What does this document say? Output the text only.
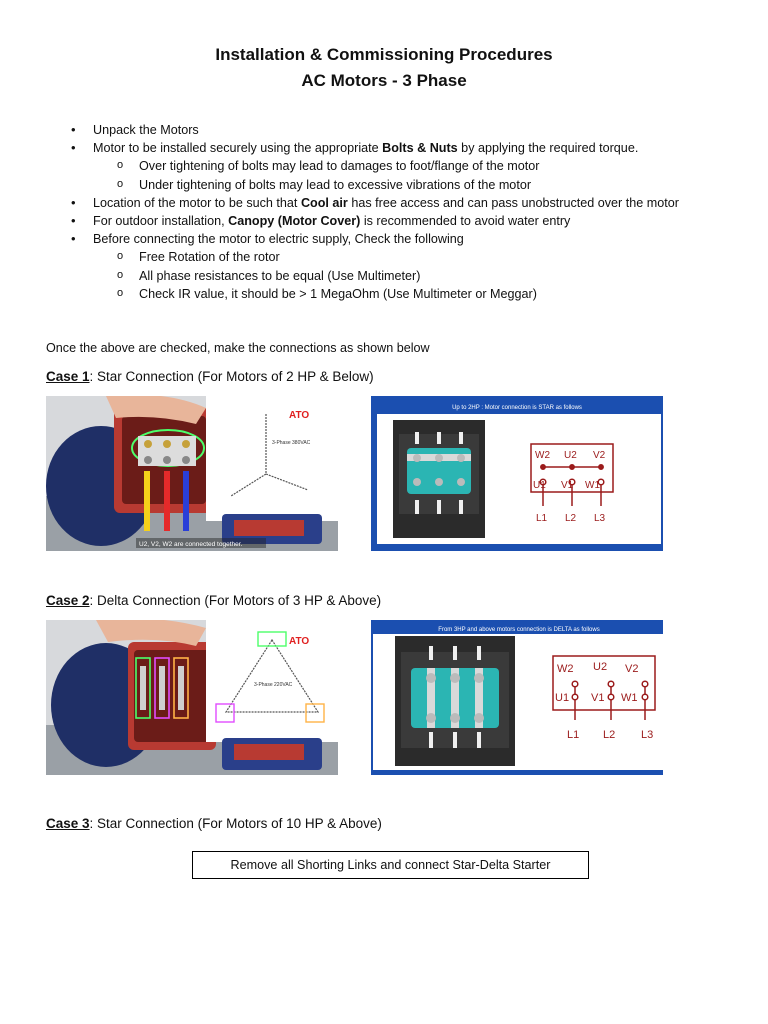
Installation & Commissioning Procedures
AC Motors - 3 Phase
• Unpack the Motors
• Motor to be installed securely using the appropriate Bolts & Nuts by applying the required torque.
o Over tightening of bolts may lead to damages to foot/flange of the motor
o Under tightening of bolts may lead to excessive vibrations of the motor
• Location of the motor to be such that Cool air has free access and can pass unobstructed over the motor
• For outdoor installation, Canopy (Motor Cover) is recommended to avoid water entry
• Before connecting the motor to electric supply, Check the following
o Free Rotation of the rotor
o All phase resistances to be equal (Use Multimeter)
o Check IR value, it should be > 1 MegaOhm (Use Multimeter or Meggar)
Once the above are checked, make the connections as shown below
Case 1: Star Connection (For Motors of 2 HP & Below)
ATO
3-Phase 380VAC
U2, V2, W2 are connected together.
Up to 2HP : Motor connection is STAR as follows
W2 U2 V2
U1 V1 W1
L1 L2 L3
Case 2: Delta Connection (For Motors of 3 HP & Above)
ATO
3-Phase 220VAC
From 3HP and above motors connection is DELTA as follows
W2 U2 V2
U1 V1 W1
L1 L2 L3
Case 3: Star Connection (For Motors of 10 HP & Above)
Remove all Shorting Links and connect Star-Delta Starter
